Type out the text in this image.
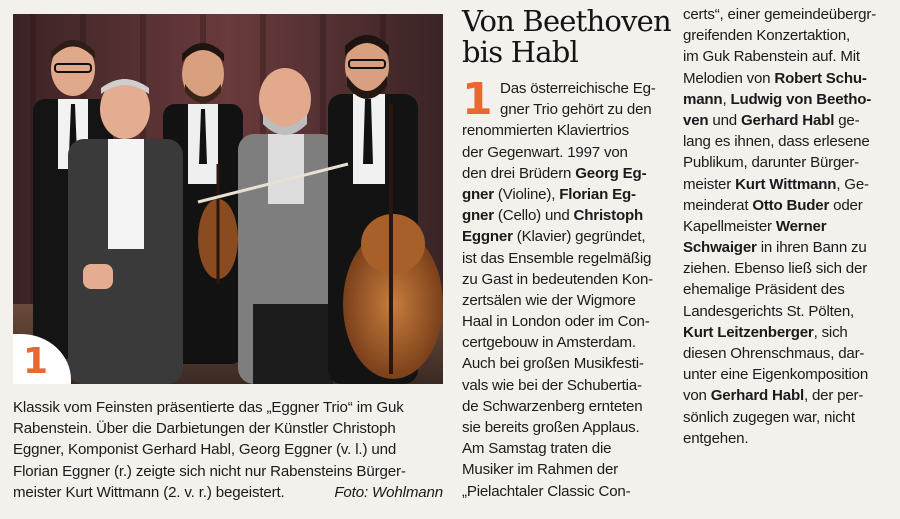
1
Klassik vom Feinsten präsentierte das „Eggner Trio“ im Guk
Rabenstein. Über die Darbietungen der Künstler Christoph
Eggner, Komponist Gerhard Habl, Georg Eggner (v. l.) und
Florian Eggner (r.) zeigte sich nicht nur Rabensteins Bürger-
meister Kurt Wittmann (2. v. r.) begeistert.	Foto: Wohlmann
Von Beethoven
bis Habl
1 Das österreichische Eg-
gner Trio gehört zu den
renommierten Klaviertrios
der Gegenwart. 1997 von
den drei Brüdern Georg Eg-
gner (Violine), Florian Eg-
gner (Cello) und Christoph
Eggner (Klavier) gegründet,
ist das Ensemble regelmäßig
zu Gast in bedeutenden Kon-
zertsälen wie der Wigmore
Haal in London oder im Con-
certgebouw in Amsterdam.
Auch bei großen Musikfesti-
vals wie bei der Schubertia-
de Schwarzenberg ernteten
sie bereits großen Applaus.
Am Samstag traten die
Musiker im Rahmen der
„Pielachtaler Classic Con-
certs“, einer gemeindeübergr-
greifenden Konzertaktion,
im Guk Rabenstein auf. Mit
Melodien von Robert Schu-
mann, Ludwig von Beetho-
ven und Gerhard Habl ge-
lang es ihnen, dass erlesene
Publikum, darunter Bürger-
meister Kurt Wittmann, Ge-
meinderat Otto Buder oder
Kapellmeister Werner
Schwaiger in ihren Bann zu
ziehen. Ebenso ließ sich der
ehemalige Präsident des
Landesgerichts St. Pölten,
Kurt Leitzenberger, sich
diesen Ohrenschmaus, dar-
unter eine Eigenkomposition
von Gerhard Habl, der per-
sönlich zugegen war, nicht
entgehen.
